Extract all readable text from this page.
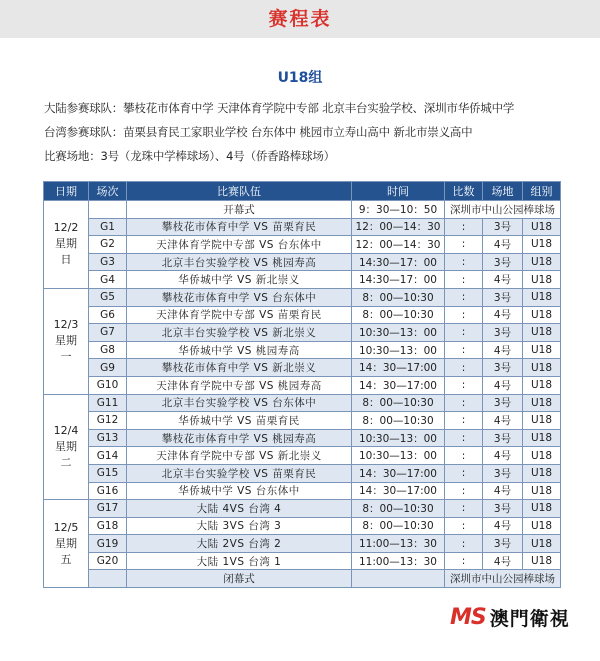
赛程表
U18组
大陆参赛球队：攀枝花市体育中学 天津体育学院中专部 北京丰台实验学校、深圳市华侨城中学
台湾参赛球队：苗栗县育民工家职业学校 台东体中 桃园市立寿山高中 新北市崇义高中
比赛场地：3号（龙珠中学棒球场）、4号（侨香路棒球场）
日期	场次	比赛队伍	时间	比数	场地	组别
12/2
星期
日		开幕式	9：30—10：50	深圳市中山公园棒球场		
	G1	攀枝花市体育中学 VS 苗栗育民	12：00—14：30	:	3号	U18
	G2	天津体育学院中专部 VS 台东体中	12：00—14：30	:	4号	U18
	G3	北京丰台实验学校 VS 桃园寿高	14:30—17：00	:	3号	U18
	G4	华侨城中学 VS 新北崇义	14:30—17：00	:	4号	U18
12/3
星期
一	G5	攀枝花市体育中学 VS 台东体中	8：00—10:30	:	3号	U18
	G6	天津体育学院中专部 VS 苗栗育民	8：00—10:30	:	4号	U18
	G7	北京丰台实验学校 VS 新北崇义	10:30—13：00	:	3号	U18
	G8	华侨城中学 VS 桃园寿高	10:30—13：00	:	4号	U18
	G9	攀枝花市体育中学 VS 新北崇义	14：30—17:00	:	3号	U18
	G10	天津体育学院中专部 VS 桃园寿高	14：30—17:00	:	4号	U18
12/4
星期
二	G11	北京丰台实验学校 VS 台东体中	8：00—10:30	:	3号	U18
	G12	华侨城中学 VS 苗栗育民	8：00—10:30	:	4号	U18
	G13	攀枝花市体育中学 VS 桃园寿高	10:30—13：00	:	3号	U18
	G14	天津体育学院中专部 VS 新北崇义	10:30—13：00	:	4号	U18
	G15	北京丰台实验学校 VS 苗栗育民	14：30—17:00	:	3号	U18
	G16	华侨城中学 VS 台东体中	14：30—17:00	:	4号	U18
12/5
星期
五	G17	大陆 4VS 台湾 4	8：00—10:30	:	3号	U18
	G18	大陆 3VS 台湾 3	8：00—10:30	:	4号	U18
	G19	大陆 2VS 台湾 2	11:00—13：30	:	3号	U18
	G20	大陆 1VS 台湾 1	11:00—13：30	:	4号	U18
		闭幕式		深圳市中山公园棒球场		
MS 澳門衛視
